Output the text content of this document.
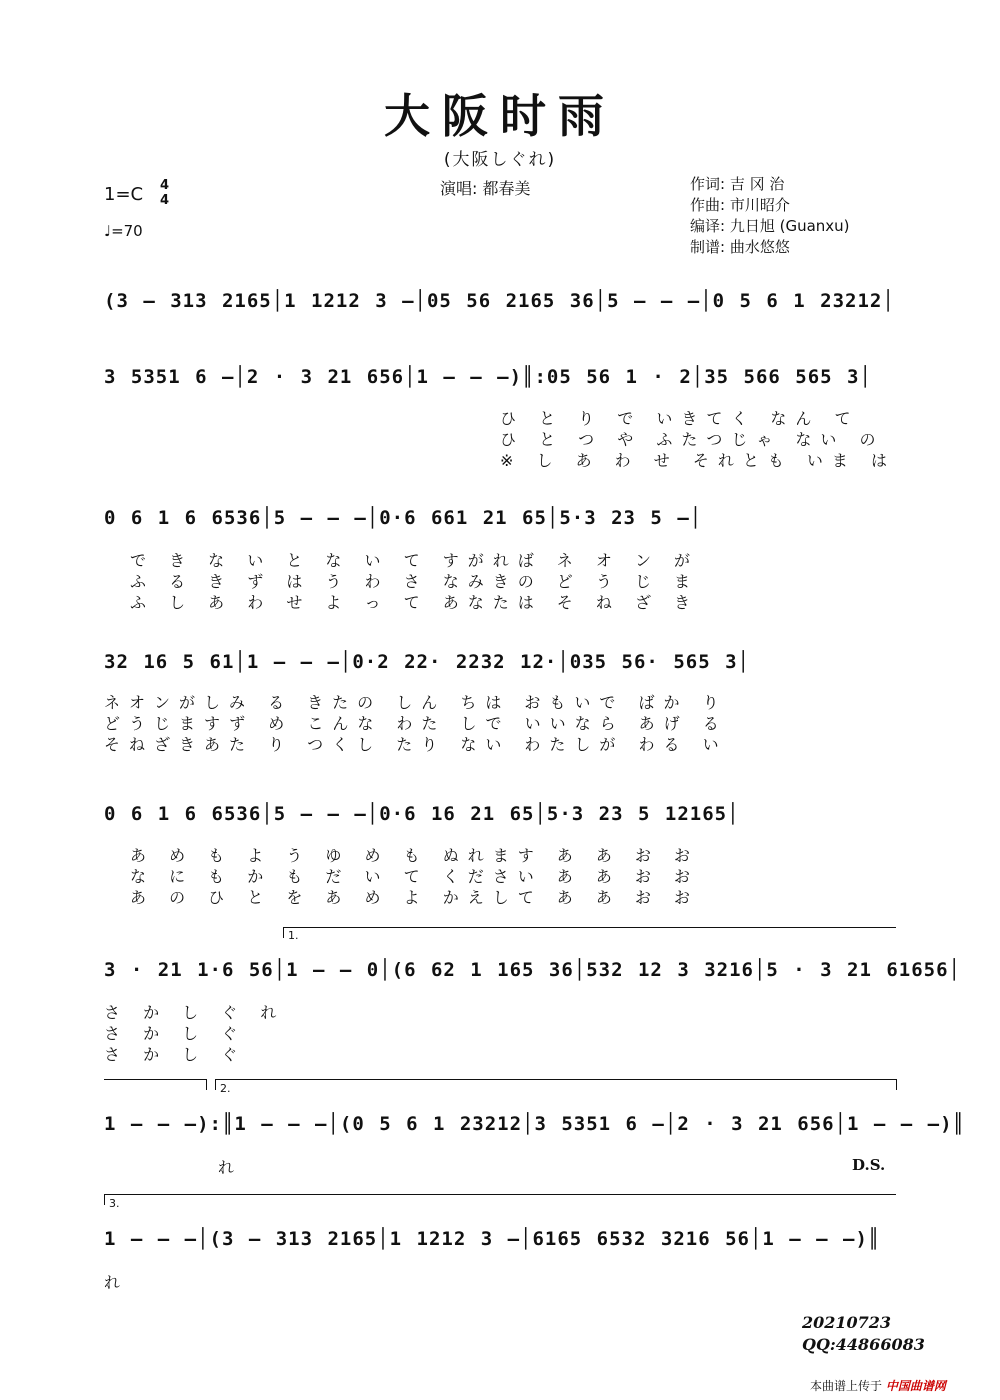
大阪时雨
(大阪しぐれ)
1=C 4
4
♩=70
演唱: 都春美	作词: 吉 冈 治
作曲: 市川昭介
编译: 九日旭 (Guanxu)
制谱: 曲水悠悠
(3 – 313 2165│1 1212 3 –│05 56 2165 36│5 – – –│0 5 6 1 23212│
3 5351 6 –│2 · 3 21 656│1 – – –)║:05 56 1 · 2│35 566 565 3│
ひ と り で いきてく なん て
ひ と つ や ふたつじゃ ない の
※ し あ わ せ それとも いま は
0 6 1 6 6536│5 – – –│0·6 661 21 65│5·3 23 5 –│
で き な い と な い て すがれば ネ オ ン が
ふ る き ず は う わ さ なみきの ど う じ ま
ふ し あ わ せ よ っ て あなたは そ ね ざ き
32 16 5 61│1 – – –│0·2 22· 2232 12·│035 56· 565 3│
ネオンがしみ る きたの しん ちは おもいで ばか り
どうじますず め こんな わた しで いいなら あげ る
そねざきあた り つくし たり ない わたしが わる い
0 6 1 6 6536│5 – – –│0·6 16 21 65│5·3 23 5 12165│
あ め も よ う ゆ め も ぬれます あ あ お お
な に も か も だ い て ください あ あ お お
あ の ひ と を あ め よ かえして あ あ お お
1.
3 · 21 1·6 56│1 – – 0│(6 62 1 165 36│532 12 3 3216│5 · 3 21 61656│
さ か し ぐ れ
さ か し ぐ
さ か し ぐ
2.
1 – – –):║1 – – –│(0 5 6 1 23212│3 5351 6 –│2 · 3 21 656│1 – – –)║
れ	D.S.
3.
1 – – –│(3 – 313 2165│1 1212 3 –│6165 6532 3216 56│1 – – –)║
れ
20210723
QQ:44866083
本曲谱上传于 中国曲谱网
